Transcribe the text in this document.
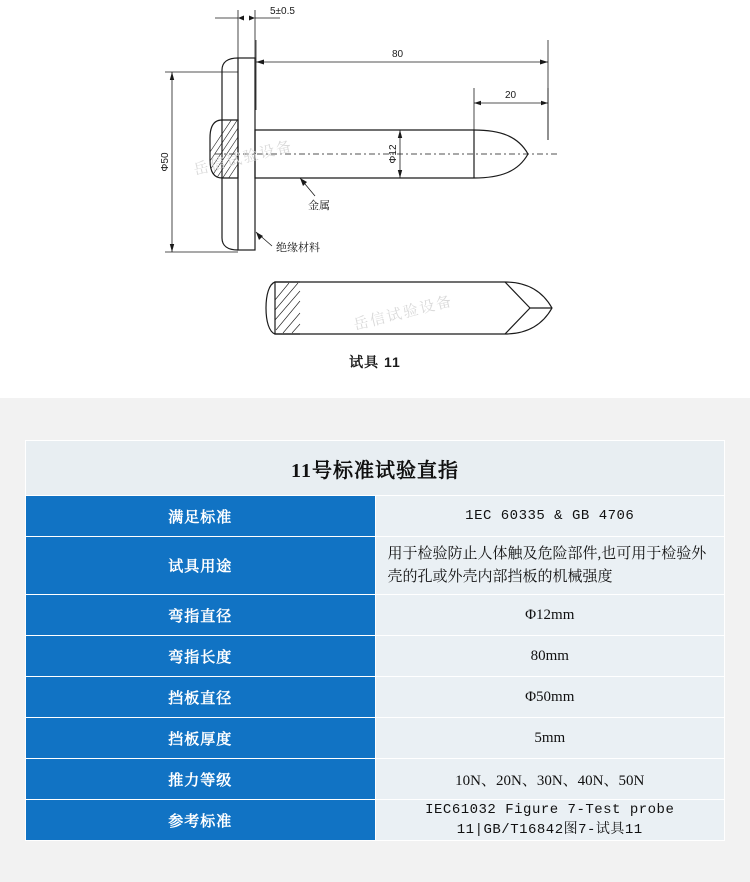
5±0.5
80
20
Φ50	Φ12
金属
绝缘材料
岳信试验设备
岳信试验设备
试具 11
11号标准试验直指	
满足标准	1EC 60335 & GB 4706
试具用途	用于检验防止人体触及危险部件,也可用于检验外壳的孔或外壳内部挡板的机械强度
弯指直径	Φ12mm
弯指长度	80mm
挡板直径	Φ50mm
挡板厚度	5mm
推力等级	10N、20N、30N、40N、50N
参考标准	IEC61032 Figure 7-Test probe 11|GB/T16842图7-试具11
